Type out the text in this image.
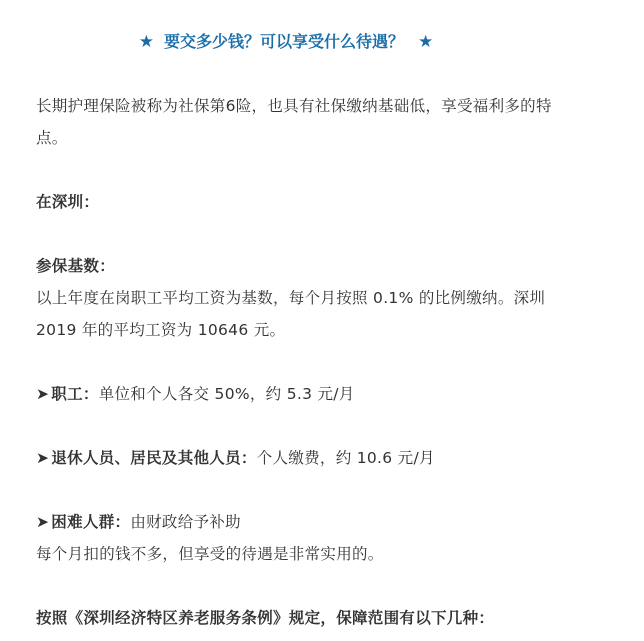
★ 要交多少钱？可以享受什么待遇？ ★
长期护理保险被称为社保第6险，也具有社保缴纳基础低，享受福利多的特
点。
在深圳：
参保基数：
以上年度在岗职工平均工资为基数，每个月按照 0.1% 的比例缴纳。深圳
2019 年的平均工资为 10646 元。
➤ 职工：单位和个人各交 50%，约 5.3 元/月
➤ 退休人员、居民及其他人员：个人缴费，约 10.6 元/月
➤ 困难人群：由财政给予补助
每个月扣的钱不多，但享受的待遇是非常实用的。
按照《深圳经济特区养老服务条例》规定，保障范围有以下几种：
